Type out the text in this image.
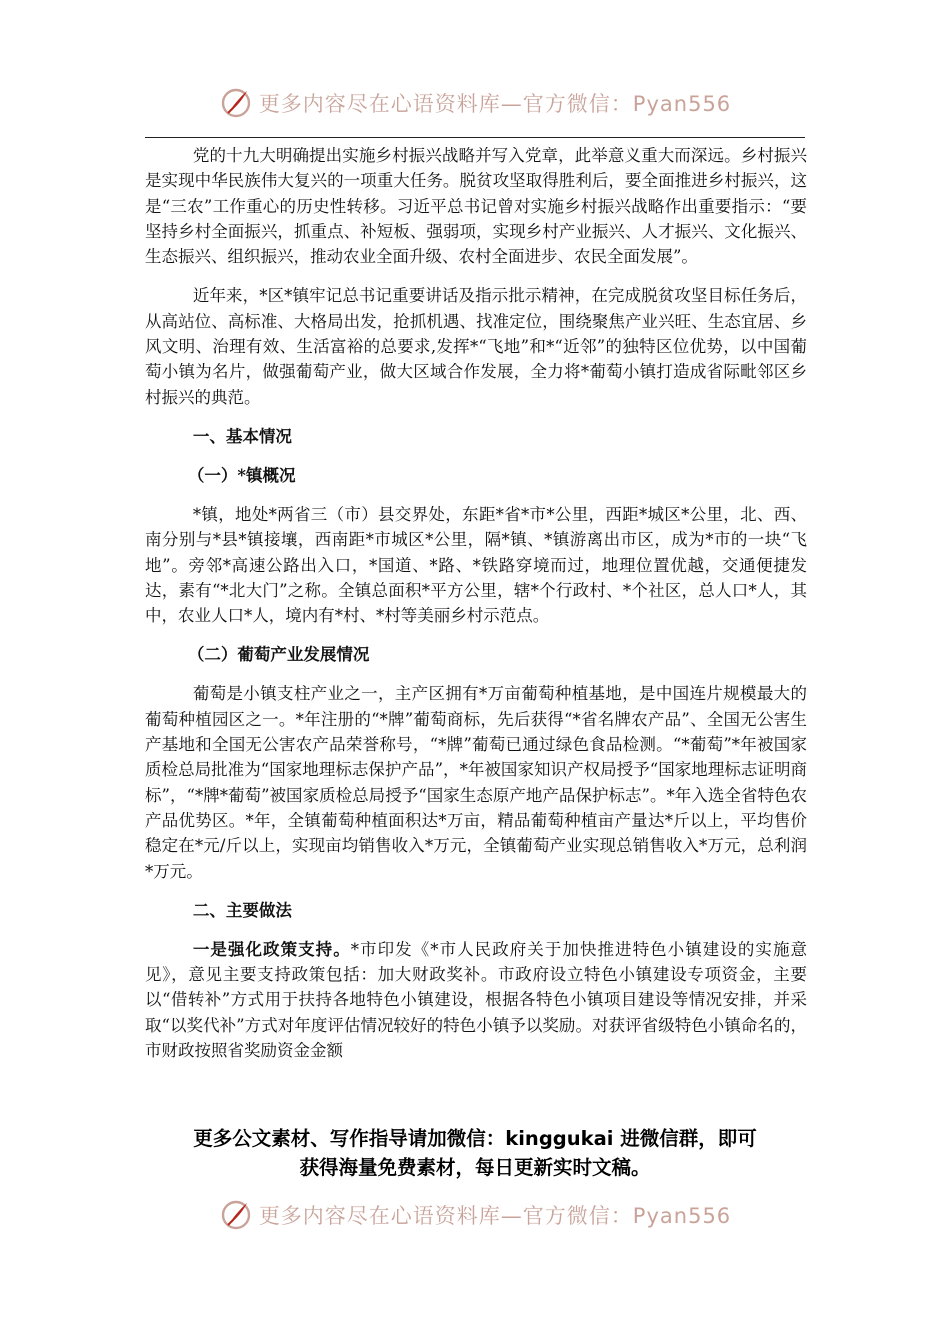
更多内容尽在心语资料库—官方微信：Pyan556

党的十九大明确提出实施乡村振兴战略并写入党章，此举意义重大而深远。乡村振兴是实现中华民族伟大复兴的一项重大任务。脱贫攻坚取得胜利后，要全面推进乡村振兴，这是“三农”工作重心的历史性转移。习近平总书记曾对实施乡村振兴战略作出重要指示：“要坚持乡村全面振兴，抓重点、补短板、强弱项，实现乡村产业振兴、人才振兴、文化振兴、生态振兴、组织振兴，推动农业全面升级、农村全面进步、农民全面发展”。

近年来，*区*镇牢记总书记重要讲话及指示批示精神，在完成脱贫攻坚目标任务后，从高站位、高标准、大格局出发，抢抓机遇、找准定位，围绕聚焦产业兴旺、生态宜居、乡风文明、治理有效、生活富裕的总要求,发挥*“飞地”和*“近邻”的独特区位优势，以中国葡萄小镇为名片，做强葡萄产业，做大区域合作发展，全力将*葡萄小镇打造成省际毗邻区乡村振兴的典范。

一、基本情况
（一）*镇概况

*镇，地处*两省三（市）县交界处，东距*省*市*公里，西距*城区*公里，北、西、南分别与*县*镇接壤，西南距*市城区*公里，隔*镇、*镇游离出市区，成为*市的一块“飞地”。旁邻*高速公路出入口，*国道、*路、*铁路穿境而过，地理位置优越，交通便捷发达，素有“*北大门”之称。全镇总面积*平方公里，辖*个行政村、*个社区，总人口*人，其中，农业人口*人，境内有*村、*村等美丽乡村示范点。

（二）葡萄产业发展情况

葡萄是小镇支柱产业之一，主产区拥有*万亩葡萄种植基地，是中国连片规模最大的葡萄种植园区之一。*年注册的“*牌”葡萄商标，先后获得“*省名牌农产品”、全国无公害生产基地和全国无公害农产品荣誉称号，“*牌”葡萄已通过绿色食品检测。“*葡萄”*年被国家质检总局批准为“国家地理标志保护产品”，*年被国家知识产权局授予“国家地理标志证明商标”，“*牌*葡萄”被国家质检总局授予“国家生态原产地产品保护标志”。*年入选全省特色农产品优势区。*年，全镇葡萄种植面积达*万亩，精品葡萄种植亩产量达*斤以上，平均售价稳定在*元/斤以上，实现亩均销售收入*万元，全镇葡萄产业实现总销售收入*万元，总利润*万元。

二、主要做法

一是强化政策支持。*市印发《*市人民政府关于加快推进特色小镇建设的实施意见》，意见主要支持政策包括：加大财政奖补。市政府设立特色小镇建设专项资金，主要以“借转补”方式用于扶持各地特色小镇建设，根据各特色小镇项目建设等情况安排，并采取“以奖代补”方式对年度评估情况较好的特色小镇予以奖励。对获评省级特色小镇命名的，市财政按照省奖励资金金额

更多公文素材、写作指导请加微信：kinggukai 进微信群，即可
获得海量免费素材，每日更新实时文稿。
更多内容尽在心语资料库—官方微信：Pyan556
